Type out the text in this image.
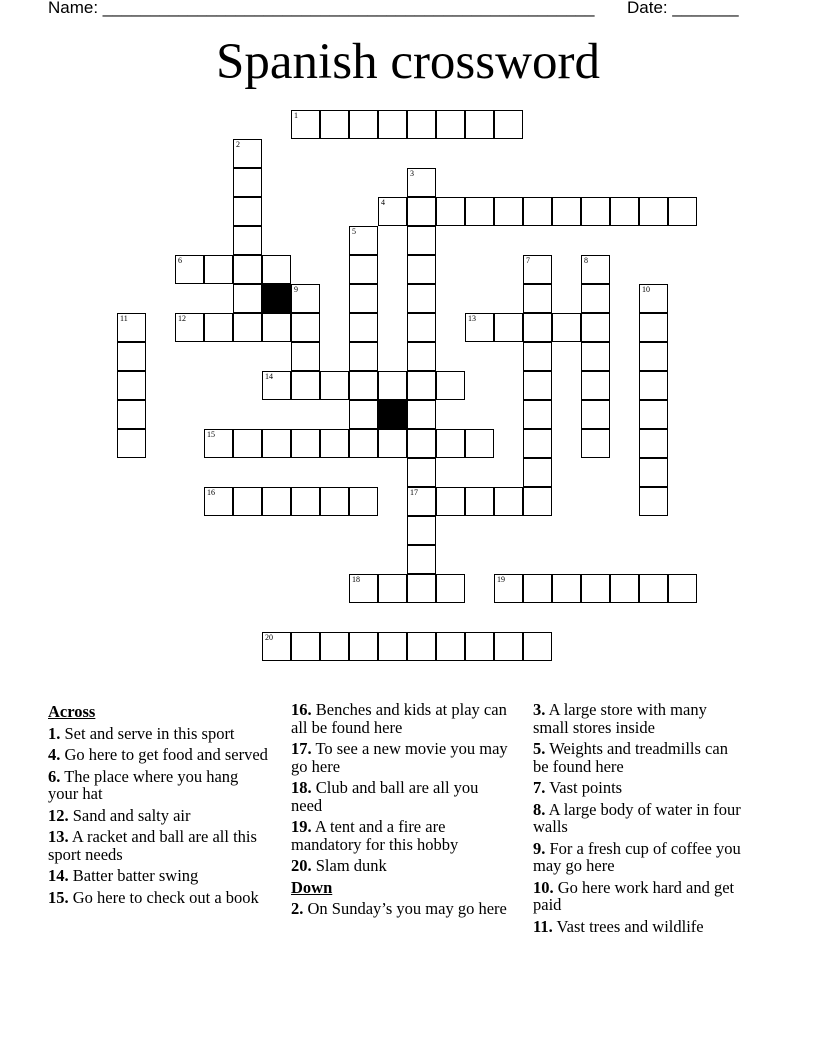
Name: ____________________________________________________ Date: _______
Spanish crossword
1
4
6
12	13
14
15
16	17
18	19
20
2
3
5
7	8
9	10
11
Across
1. Set and serve in this sport
4. Go here to get food and served
6. The place where you hang your hat
12. Sand and salty air
13. A racket and ball are all this sport needs
14. Batter batter swing
15. Go here to check out a book
16. Benches and kids at play can all be found here
17. To see a new movie you may go here
18. Club and ball are all you need
19. A tent and a fire are mandatory for this hobby
20. Slam dunk
Down
2. On Sunday’s you may go here
3. A large store with many small stores inside
5. Weights and treadmills can be found here
7. Vast points
8. A large body of water in four walls
9. For a fresh cup of coffee you may go here
10. Go here work hard and get paid
11. Vast trees and wildlife
